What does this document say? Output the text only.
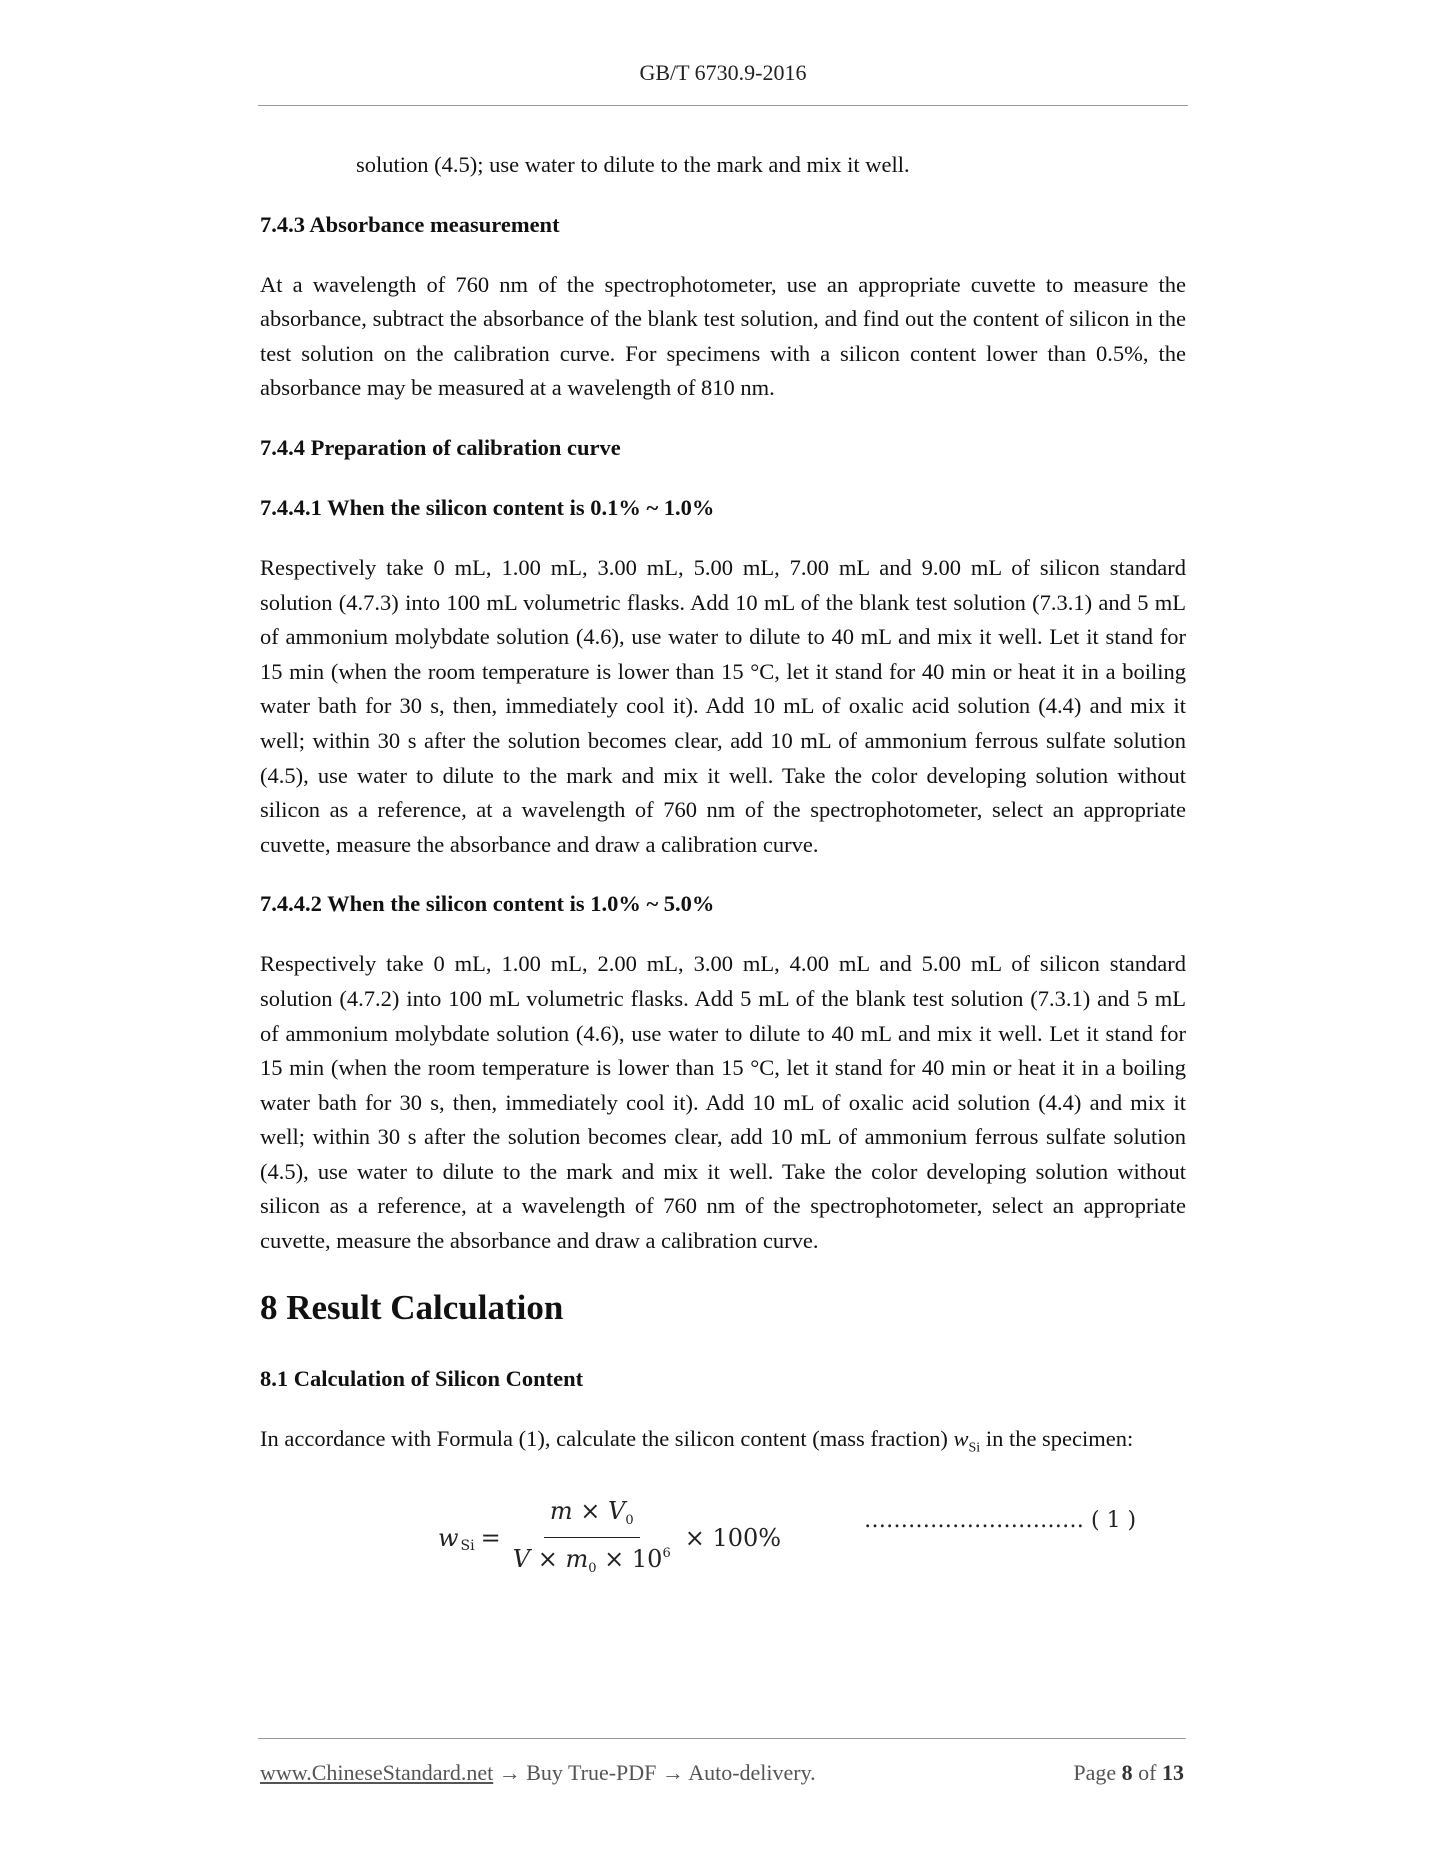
GB/T 6730.9-2016

solution (4.5); use water to dilute to the mark and mix it well.

7.4.3 Absorbance measurement

At a wavelength of 760 nm of the spectrophotometer, use an appropriate cuvette to measure the absorbance, subtract the absorbance of the blank test solution, and find out the content of silicon in the test solution on the calibration curve. For specimens with a silicon content lower than 0.5%, the absorbance may be measured at a wavelength of 810 nm.

7.4.4 Preparation of calibration curve
7.4.4.1 When the silicon content is 0.1% ~ 1.0%

Respectively take 0 mL, 1.00 mL, 3.00 mL, 5.00 mL, 7.00 mL and 9.00 mL of silicon standard solution (4.7.3) into 100 mL volumetric flasks. Add 10 mL of the blank test solution (7.3.1) and 5 mL of ammonium molybdate solution (4.6), use water to dilute to 40 mL and mix it well. Let it stand for 15 min (when the room temperature is lower than 15 °C, let it stand for 40 min or heat it in a boiling water bath for 30 s, then, immediately cool it). Add 10 mL of oxalic acid solution (4.4) and mix it well; within 30 s after the solution becomes clear, add 10 mL of ammonium ferrous sulfate solution (4.5), use water to dilute to the mark and mix it well. Take the color developing solution without silicon as a reference, at a wavelength of 760 nm of the spectrophotometer, select an appropriate cuvette, measure the absorbance and draw a calibration curve.

7.4.4.2 When the silicon content is 1.0% ~ 5.0%

Respectively take 0 mL, 1.00 mL, 2.00 mL, 3.00 mL, 4.00 mL and 5.00 mL of silicon standard solution (4.7.2) into 100 mL volumetric flasks. Add 5 mL of the blank test solution (7.3.1) and 5 mL of ammonium molybdate solution (4.6), use water to dilute to 40 mL and mix it well. Let it stand for 15 min (when the room temperature is lower than 15 °C, let it stand for 40 min or heat it in a boiling water bath for 30 s, then, immediately cool it). Add 10 mL of oxalic acid solution (4.4) and mix it well; within 30 s after the solution becomes clear, add 10 mL of ammonium ferrous sulfate solution (4.5), use water to dilute to the mark and mix it well. Take the color developing solution without silicon as a reference, at a wavelength of 760 nm of the spectrophotometer, select an appropriate cuvette, measure the absorbance and draw a calibration curve.

8 Result Calculation
8.1 Calculation of Silicon Content

In accordance with Formula (1), calculate the silicon content (mass fraction) $w_{Si}$ in the specimen:

w $Si = \frac{m \times V_0}{V \times m_0 \times 10^6} \times 100\%$
………………………… ( 1 )
www.ChineseStandard.net → Buy True-PDF → Auto-delivery.	Page 8 of 13
